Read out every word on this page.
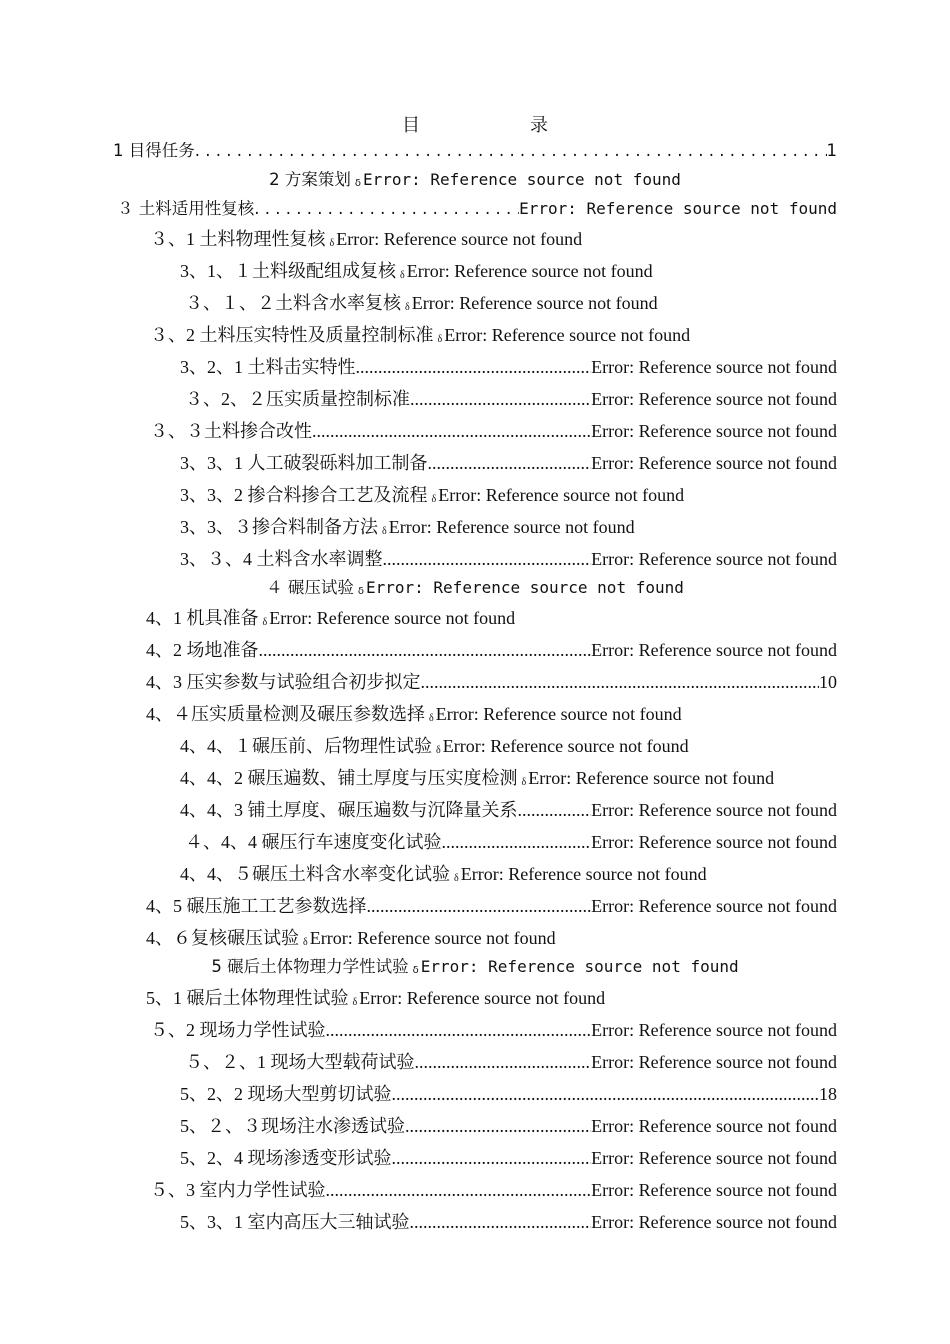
目录
1 目得任务 . . .	1
2 方案策划 δ Error: Reference source not found
３ 土料适用性复核 . . .	Error: Reference source not found
３、1 土料物理性复核 δ Error: Reference source not found
3、1、１土料级配组成复核 δ Error: Reference source not found
３、１、２土料含水率复核 δ Error: Reference source not found
３、2 土料压实特性及质量控制标准 δ Error: Reference source not found
3、2、1 土料击实特性 .....	Error: Reference source not found
３、2、２压实质量控制标准 .....	Error: Reference source not found
３、３土料掺合改性 .....	Error: Reference source not found
3、3、1 人工破裂砾料加工制备 .....	Error: Reference source not found
3、3、2 掺合料掺合工艺及流程 δ Error: Reference source not found
3、3、３掺合料制备方法 δ Error: Reference source not found
3、３、4 土料含水率调整 .....	Error: Reference source not found
４ 碾压试验 δ Error: Reference source not found
4、1 机具准备 δ Error: Reference source not found
4、2 场地准备 .....	Error: Reference source not found
4、3 压实参数与试验组合初步拟定 .....	10
4、４压实质量检测及碾压参数选择 δ Error: Reference source not found
4、4、１碾压前、后物理性试验 δ Error: Reference source not found
4、4、2 碾压遍数、铺土厚度与压实度检测 δ Error: Reference source not found
4、4、3 铺土厚度、碾压遍数与沉降量关系 .....	Error: Reference source not found
４、4、4 碾压行车速度变化试验 .....	Error: Reference source not found
4、4、５碾压土料含水率变化试验 δ Error: Reference source not found
4、5 碾压施工工艺参数选择 .....	Error: Reference source not found
4、６复核碾压试验 δ Error: Reference source not found
5 碾后土体物理力学性试验 δ Error: Reference source not found
5、1 碾后土体物理性试验 δ Error: Reference source not found
５、2 现场力学性试验 .....	Error: Reference source not found
５、２、1 现场大型载荷试验 .....	Error: Reference source not found
5、2、2 现场大型剪切试验 .....	18
5、２、３现场注水渗透试验 .....	Error: Reference source not found
5、2、4 现场渗透变形试验 .....	Error: Reference source not found
５、3 室内力学性试验 .....	Error: Reference source not found
5、3、1 室内高压大三轴试验 .....	Error: Reference source not found
